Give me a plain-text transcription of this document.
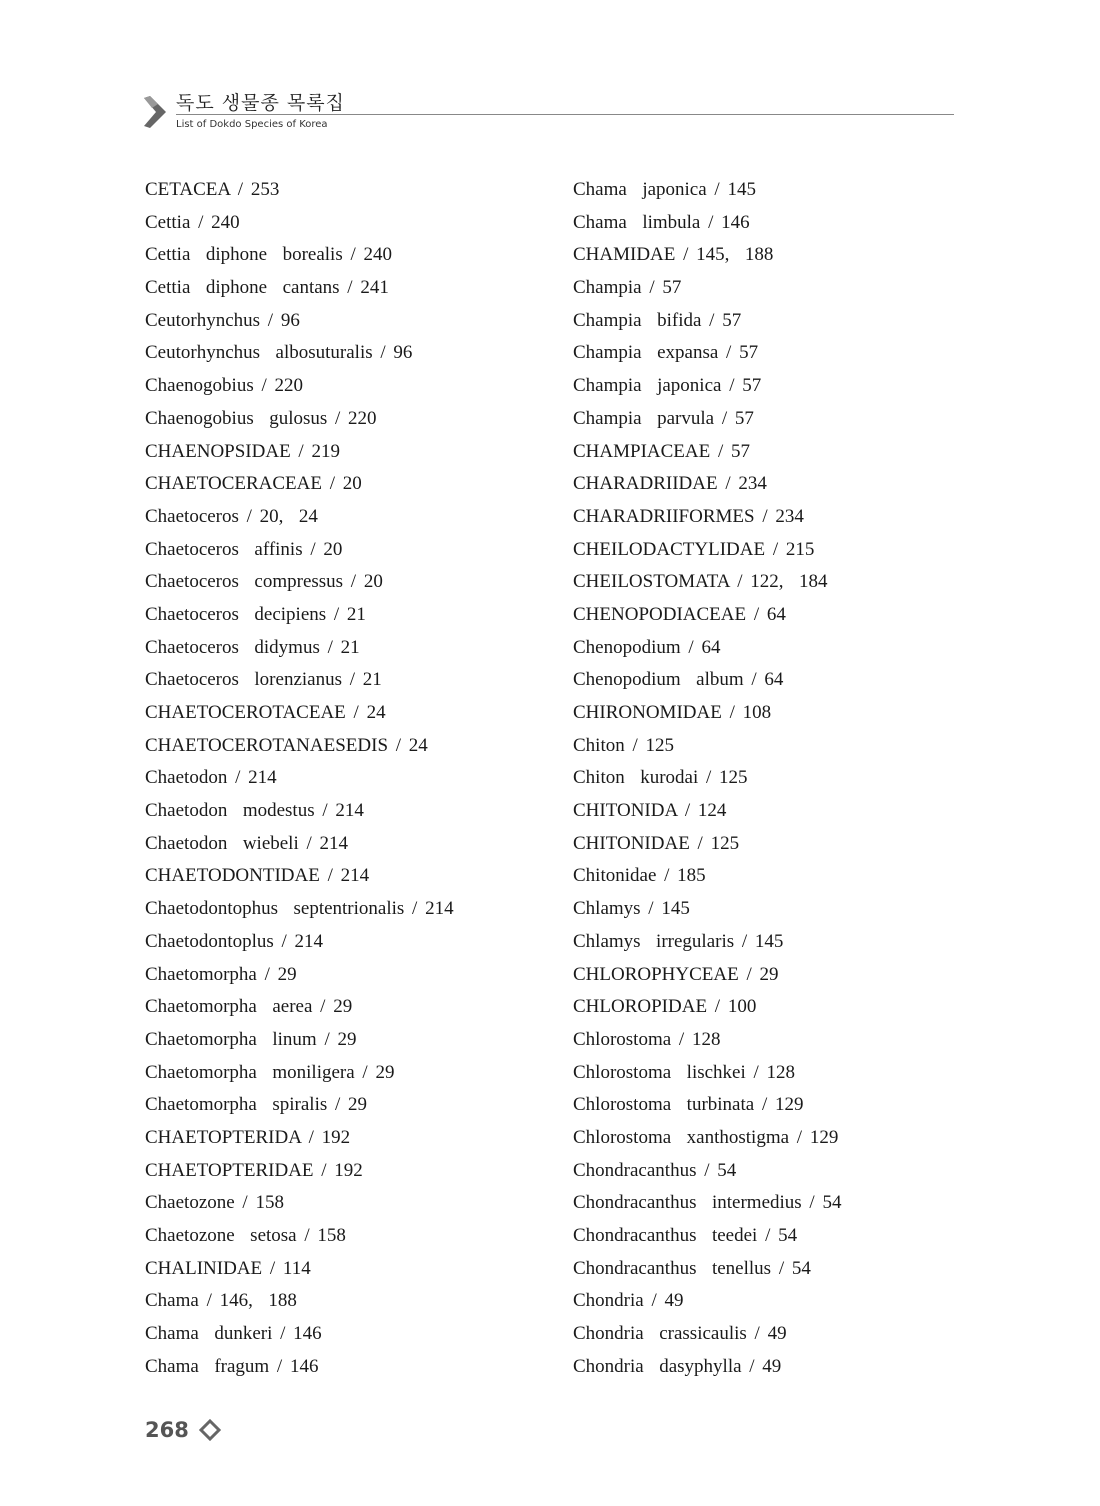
독도 생물종 목록집
List of Dokdo Species of Korea
CETACEA / 253
Cettia / 240
Cettia  diphone  borealis / 240
Cettia  diphone  cantans / 241
Ceutorhynchus / 96
Ceutorhynchus  albosuturalis / 96
Chaenogobius / 220
Chaenogobius  gulosus / 220
CHAENOPSIDAE / 219
CHAETOCERACEAE / 20
Chaetoceros / 20,  24
Chaetoceros  affinis / 20
Chaetoceros  compressus / 20
Chaetoceros  decipiens / 21
Chaetoceros  didymus / 21
Chaetoceros  lorenzianus / 21
CHAETOCEROTACEAE / 24
CHAETOCEROTANAESEDIS / 24
Chaetodon / 214
Chaetodon  modestus / 214
Chaetodon  wiebeli / 214
CHAETODONTIDAE / 214
Chaetodontophus  septentrionalis / 214
Chaetodontoplus / 214
Chaetomorpha / 29
Chaetomorpha  aerea / 29
Chaetomorpha  linum / 29
Chaetomorpha  moniligera / 29
Chaetomorpha  spiralis / 29
CHAETOPTERIDA / 192
CHAETOPTERIDAE / 192
Chaetozone / 158
Chaetozone  setosa / 158
CHALINIDAE / 114
Chama / 146,  188
Chama  dunkeri / 146
Chama  fragum / 146
Chama  japonica / 145
Chama  limbula / 146
CHAMIDAE / 145,  188
Champia / 57
Champia  bifida / 57
Champia  expansa / 57
Champia  japonica / 57
Champia  parvula / 57
CHAMPIACEAE / 57
CHARADRIIDAE / 234
CHARADRIIFORMES / 234
CHEILODACTYLIDAE / 215
CHEILOSTOMATA / 122,  184
CHENOPODIACEAE / 64
Chenopodium / 64
Chenopodium  album / 64
CHIRONOMIDAE / 108
Chiton / 125
Chiton  kurodai / 125
CHITONIDA / 124
CHITONIDAE / 125
Chitonidae / 185
Chlamys / 145
Chlamys  irregularis / 145
CHLOROPHYCEAE / 29
CHLOROPIDAE / 100
Chlorostoma / 128
Chlorostoma  lischkei / 128
Chlorostoma  turbinata / 129
Chlorostoma  xanthostigma / 129
Chondracanthus / 54
Chondracanthus  intermedius / 54
Chondracanthus  teedei / 54
Chondracanthus  tenellus / 54
Chondria / 49
Chondria  crassicaulis / 49
Chondria  dasyphylla / 49
268
